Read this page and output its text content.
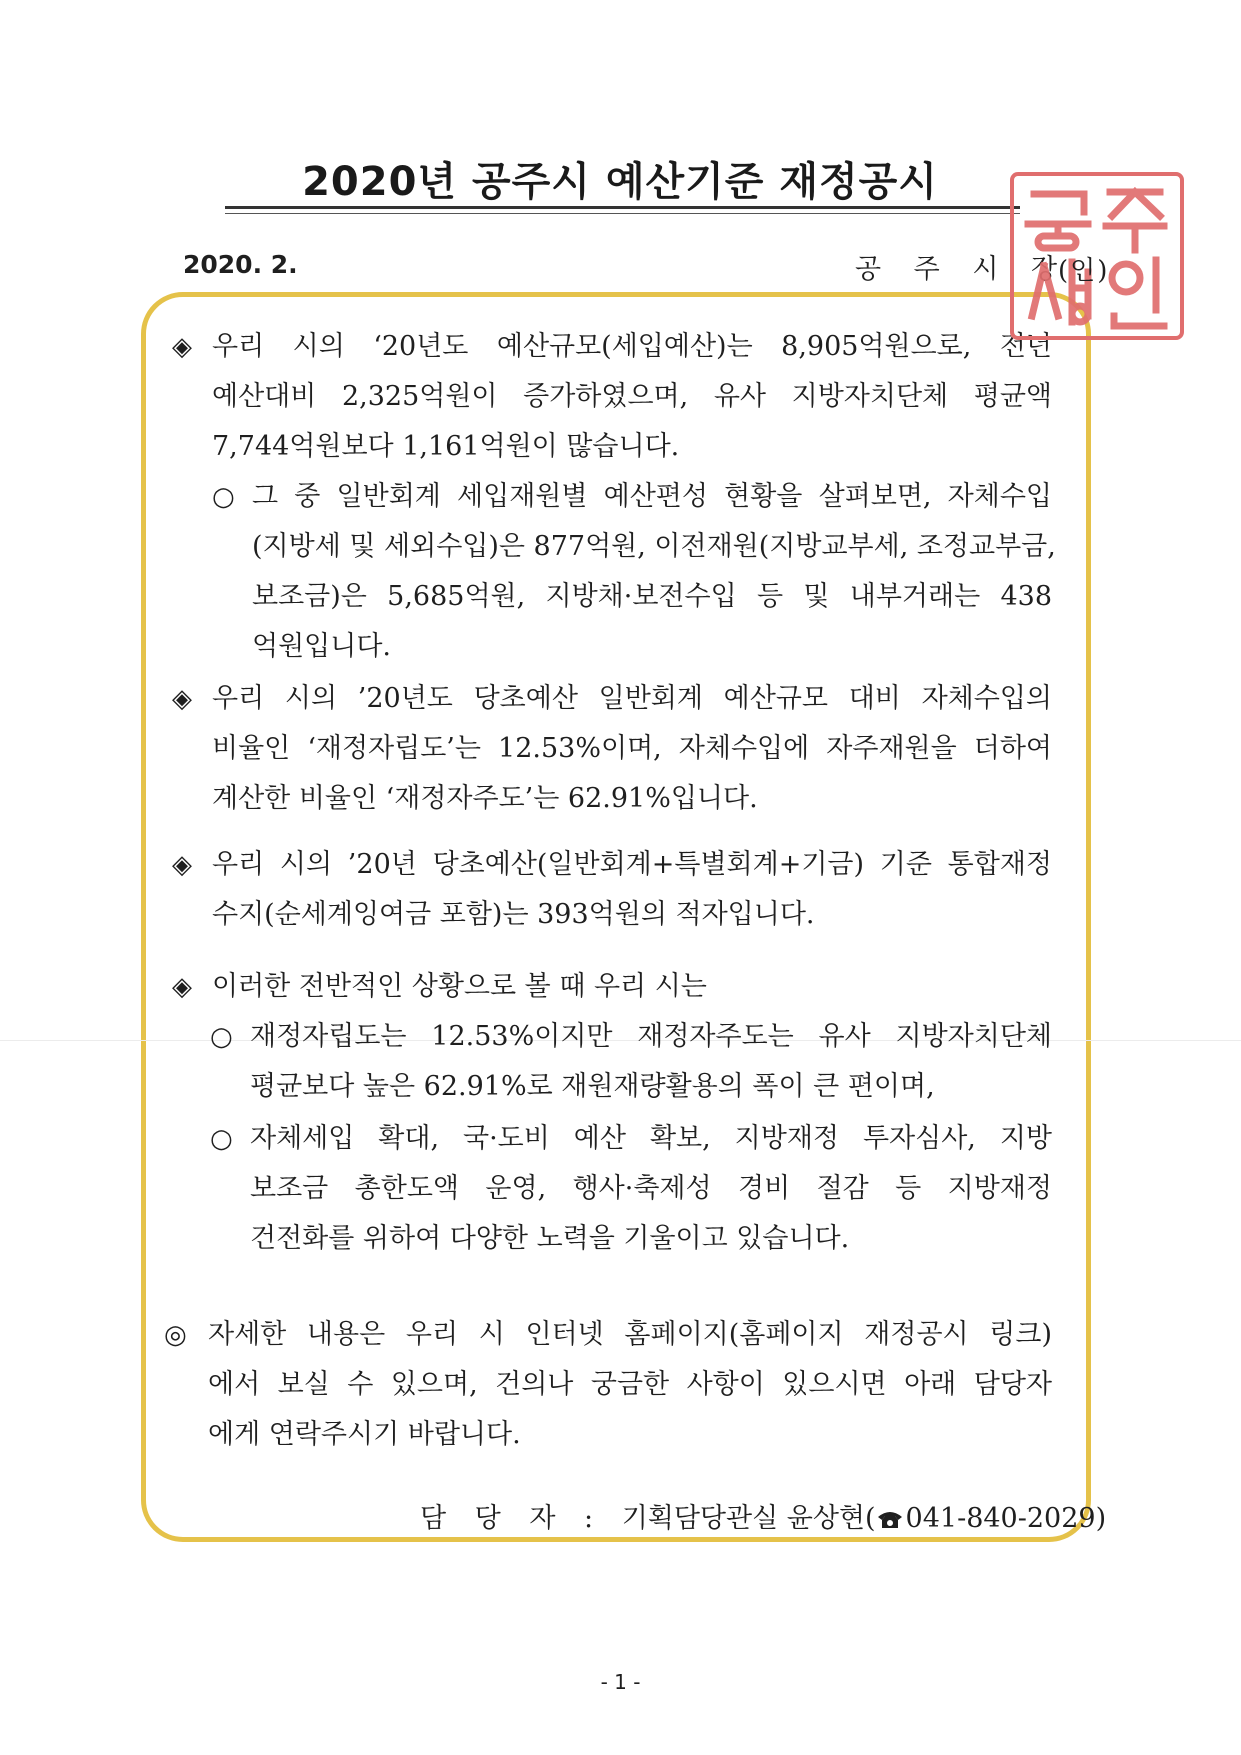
2020년 공주시 예산기준 재정공시
2020. 2.	공 주 시 장
(인)
◈ 우리 시의 ‘20년도 예산규모(세입예산)는 8,905억원으로, 전년
예산대비 2,325억원이 증가하였으며, 유사 지방자치단체 평균액
7,744억원보다 1,161억원이 많습니다.
○ 그 중 일반회계 세입재원별 예산편성 현황을 살펴보면, 자체수입
(지방세 및 세외수입)은 877억원, 이전재원(지방교부세, 조정교부금,
보조금)은 5,685억원, 지방채·보전수입 등 및 내부거래는 438
억원입니다.
◈ 우리 시의 ’20년도 당초예산 일반회계 예산규모 대비 자체수입의
비율인 ‘재정자립도’는 12.53%이며, 자체수입에 자주재원을 더하여
계산한 비율인 ‘재정자주도’는 62.91%입니다.
◈ 우리 시의 ’20년 당초예산(일반회계+특별회계+기금) 기준 통합재정
수지(순세계잉여금 포함)는 393억원의 적자입니다.
◈ 이러한 전반적인 상황으로 볼 때 우리 시는
○ 재정자립도는 12.53%이지만 재정자주도는 유사 지방자치단체
평균보다 높은 62.91%로 재원재량활용의 폭이 큰 편이며,
○ 자체세입 확대, 국·도비 예산 확보, 지방재정 투자심사, 지방
보조금 총한도액 운영, 행사·축제성 경비 절감 등 지방재정
건전화를 위하여 다양한 노력을 기울이고 있습니다.
◎ 자세한 내용은 우리 시 인터넷 홈페이지(홈페이지 재정공시 링크)
에서 보실 수 있으며, 건의나 궁금한 사항이 있으시면 아래 담당자
에게 연락주시기 바랍니다.
담 당 자 : 기획담당관실 윤상현( 041-840-2029)
- 1 -
